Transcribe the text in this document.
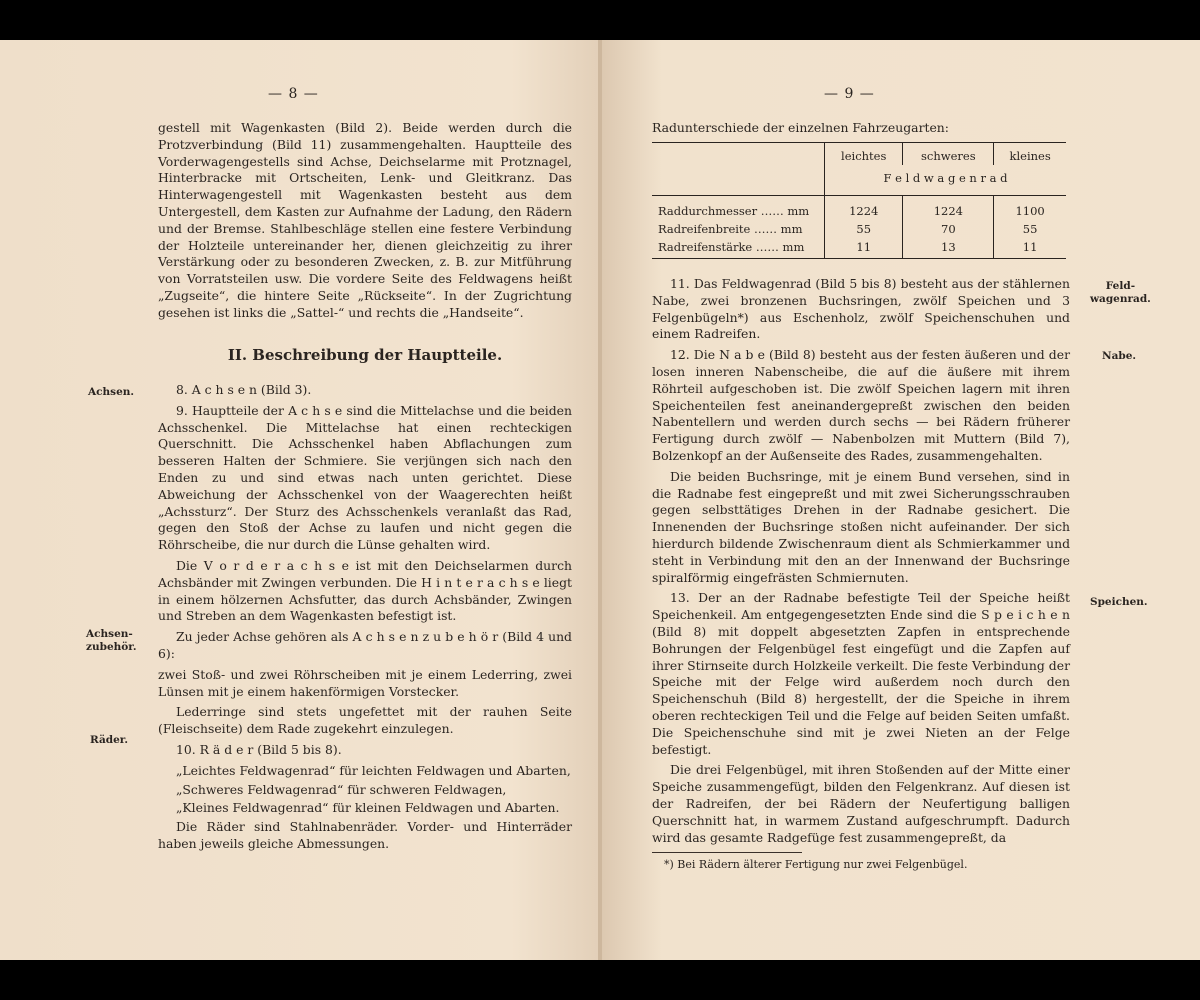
— 8 —

gestell mit Wagenkasten (Bild 2). Beide werden durch die Protzverbindung (Bild 11) zusammengehalten. Hauptteile des Vorderwagengestells sind Achse, Deichselarme mit Protznagel, Hinterbracke mit Ortscheiten, Lenk- und Gleitkranz. Das Hinterwagengestell mit Wagenkasten besteht aus dem Untergestell, dem Kasten zur Aufnahme der Ladung, den Rädern und der Bremse. Stahlbeschläge stellen eine festere Verbindung der Holzteile untereinander her, dienen gleichzeitig zu ihrer Verstärkung oder zu besonderen Zwecken, z. B. zur Mitführung von Vorratsteilen usw. Die vordere Seite des Feldwagens heißt „Zugseite“, die hintere Seite „Rückseite“. In der Zugrichtung gesehen ist links die „Sattel-“ und rechts die „Handseite“.

II. Beschreibung der Hauptteile.

8. A c h s e n (Bild 3).

9. Hauptteile der A c h s e sind die Mittelachse und die beiden Achsschenkel. Die Mittelachse hat einen rechteckigen Querschnitt. Die Achsschenkel haben Abflachungen zum besseren Halten der Schmiere. Sie verjüngen sich nach den Enden zu und sind etwas nach unten gerichtet. Diese Abweichung der Achsschenkel von der Waagerechten heißt „Achssturz“. Der Sturz des Achsschenkels veranlaßt das Rad, gegen den Stoß der Achse zu laufen und nicht gegen die Röhrscheibe, die nur durch die Lünse gehalten wird.

Die V o r d e r a c h s e ist mit den Deichselarmen durch Achsbänder mit Zwingen verbunden. Die H i n t e r a c h s e liegt in einem hölzernen Achsfutter, das durch Achsbänder, Zwingen und Streben an dem Wagenkasten befestigt ist.

Zu jeder Achse gehören als A c h s e n z u b e h ö r (Bild 4 und 6):

zwei Stoß- und zwei Röhrscheiben mit je einem Lederring, zwei Lünsen mit je einem hakenförmigen Vorstecker.

Lederringe sind stets ungefettet mit der rauhen Seite (Fleischseite) dem Rade zugekehrt einzulegen.

10. R ä d e r (Bild 5 bis 8).

„Leichtes Feldwagenrad“ für leichten Feldwagen und Abarten,

„Schweres Feldwagenrad“ für schweren Feldwagen,

„Kleines Feldwagenrad“ für kleinen Feldwagen und Abarten.

Die Räder sind Stahlnabenräder. Vorder- und Hinterräder haben jeweils gleiche Abmessungen.

Achsen.
Achsen-
zubehör.
Räder.
— 9 —
Radunterschiede der einzelnen Fahrzeugarten:
	leichtes	schweres	kleines
	F e l d w a g e n r a d		
Raddurchmesser …… mm	1224	1224	1100
Radreifenbreite …… mm	55	70	55
Radreifenstärke …… mm	11	13	11

11. Das Feldwagenrad (Bild 5 bis 8) besteht aus der stählernen Nabe, zwei bronzenen Buchsringen, zwölf Speichen und 3 Felgenbügeln*) aus Eschenholz, zwölf Speichenschuhen und einem Radreifen.

12. Die N a b e (Bild 8) besteht aus der festen äußeren und der losen inneren Nabenscheibe, die auf die äußere mit ihrem Röhrteil aufgeschoben ist. Die zwölf Speichen lagern mit ihren Speichenteilen fest aneinandergepreßt zwischen den beiden Nabentellern und werden durch sechs — bei Rädern früherer Fertigung durch zwölf — Nabenbolzen mit Muttern (Bild 7), Bolzenkopf an der Außenseite des Rades, zusammengehalten.

Die beiden Buchsringe, mit je einem Bund versehen, sind in die Radnabe fest eingepreßt und mit zwei Sicherungsschrauben gegen selbsttätiges Drehen in der Radnabe gesichert. Die Innenenden der Buchsringe stoßen nicht aufeinander. Der sich hierdurch bildende Zwischenraum dient als Schmierkammer und steht in Verbindung mit den an der Innenwand der Buchsringe spiralförmig eingefrästen Schmiernuten.

13. Der an der Radnabe befestigte Teil der Speiche heißt Speichenkeil. Am entgegengesetzten Ende sind die S p e i c h e n (Bild 8) mit doppelt abgesetzten Zapfen in entsprechende Bohrungen der Felgenbügel fest eingefügt und die Zapfen auf ihrer Stirnseite durch Holzkeile verkeilt. Die feste Verbindung der Speiche mit der Felge wird außerdem noch durch den Speichenschuh (Bild 8) hergestellt, der die Speiche in ihrem oberen rechteckigen Teil und die Felge auf beiden Seiten umfaßt. Die Speichenschuhe sind mit je zwei Nieten an der Felge befestigt.

Die drei Felgenbügel, mit ihren Stoßenden auf der Mitte einer Speiche zusammengefügt, bilden den Felgenkranz. Auf diesen ist der Radreifen, der bei Rädern der Neufertigung balligen Querschnitt hat, in warmem Zustand aufgeschrumpft. Dadurch wird das gesamte Radgefüge fest zusammengepreßt, da

Feld-
wagenrad.
Nabe.
Speichen.
*) Bei Rädern älterer Fertigung nur zwei Felgenbügel.
